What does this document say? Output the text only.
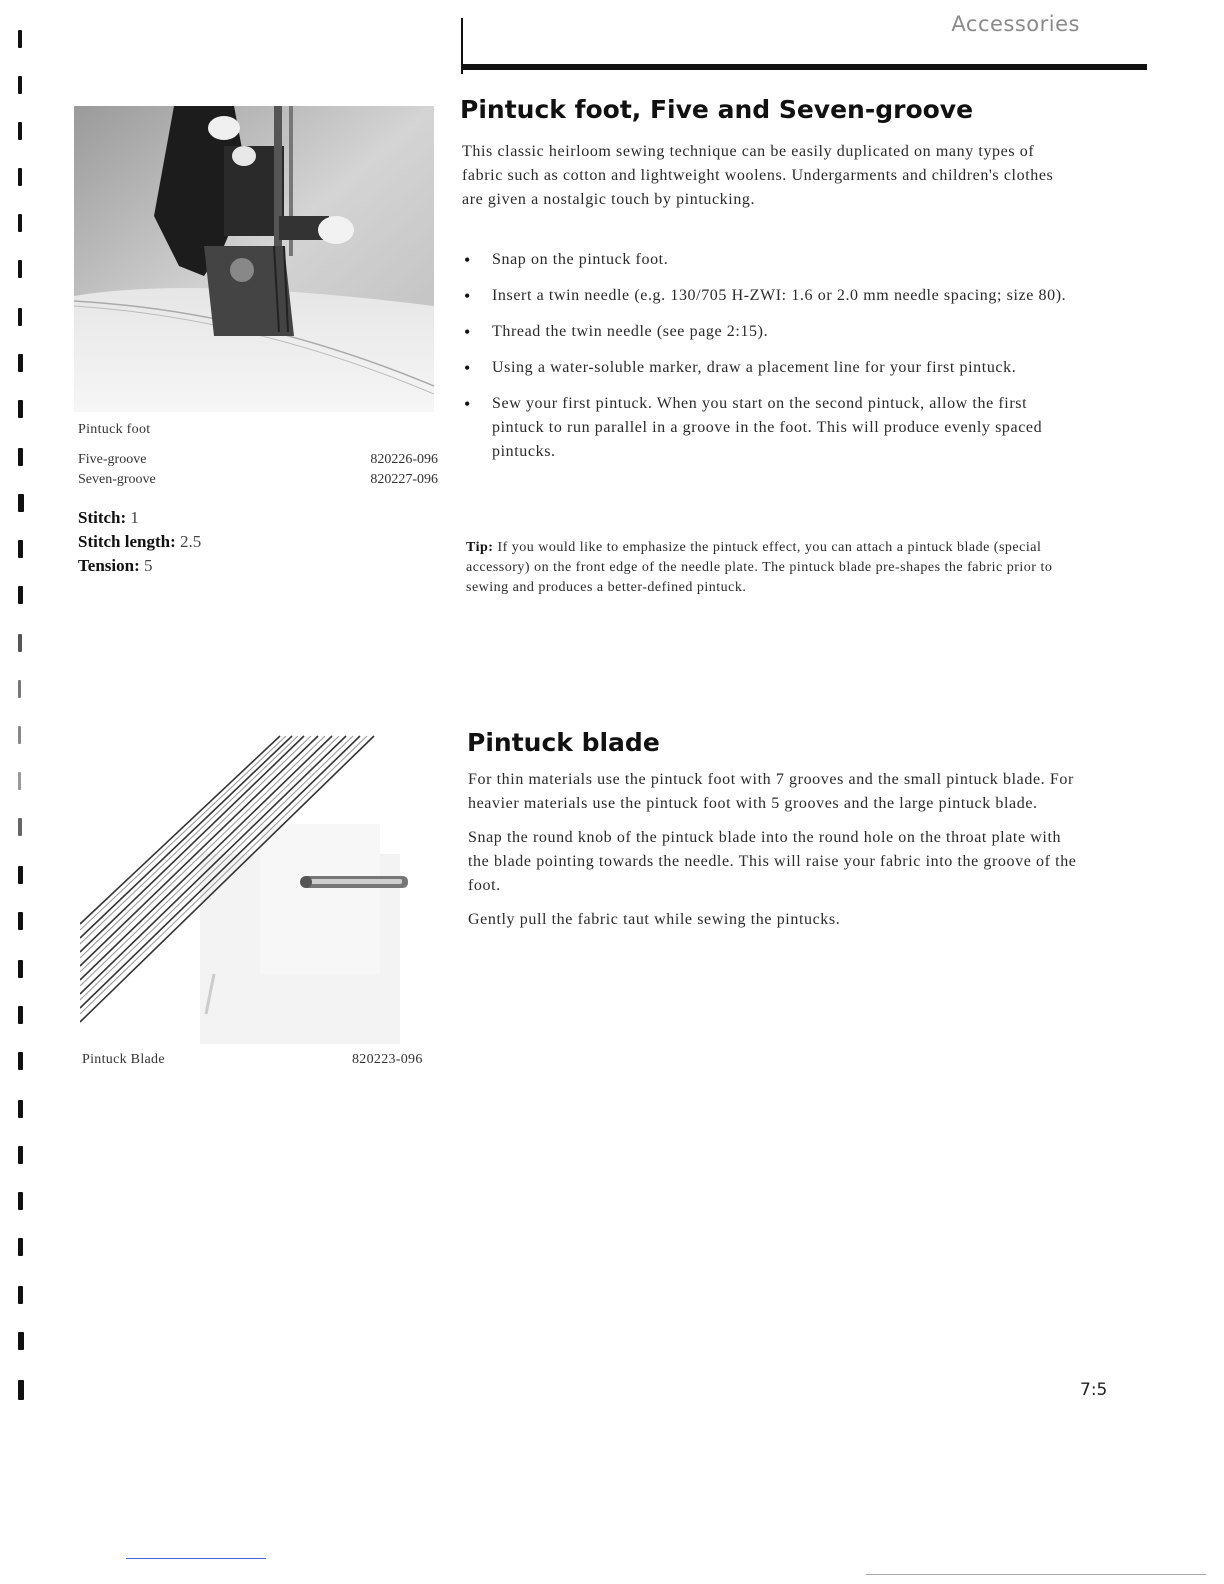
Accessories
Pintuck foot
Five-groove	820226-096
Seven-groove	820227-096
Stitch: 1
Stitch length: 2.5
Tension: 5
Pintuck foot, Five and Seven-groove

This classic heirloom sewing technique can be easily duplicated on many types of fabric such as cotton and lightweight woolens. Undergarments and children's clothes are given a nostalgic touch by pintucking.

• Snap on the pintuck foot.
• Insert a twin needle (e.g. 130/705 H-ZWI: 1.6 or 2.0 mm needle spacing; size 80).
• Thread the twin needle (see page 2:15).
• Using a water-soluble marker, draw a placement line for your first pintuck.
• Sew your first pintuck. When you start on the second pintuck, allow the first pintuck to run parallel in a groove in the foot. This will produce evenly spaced pintucks.
Tip: If you would like to emphasize the pintuck effect, you can attach a pintuck blade (special accessory) on the front edge of the needle plate. The pintuck blade pre-shapes the fabric prior to sewing and produces a better-defined pintuck.
Pintuck Blade	820223-096
Pintuck blade

For thin materials use the pintuck foot with 7 grooves and the small pintuck blade. For heavier materials use the pintuck foot with 5 grooves and the large pintuck blade.

Snap the round knob of the pintuck blade into the round hole on the throat plate with the blade pointing towards the needle. This will raise your fabric into the groove of the foot.

Gently pull the fabric taut while sewing the pintucks.

7:5
